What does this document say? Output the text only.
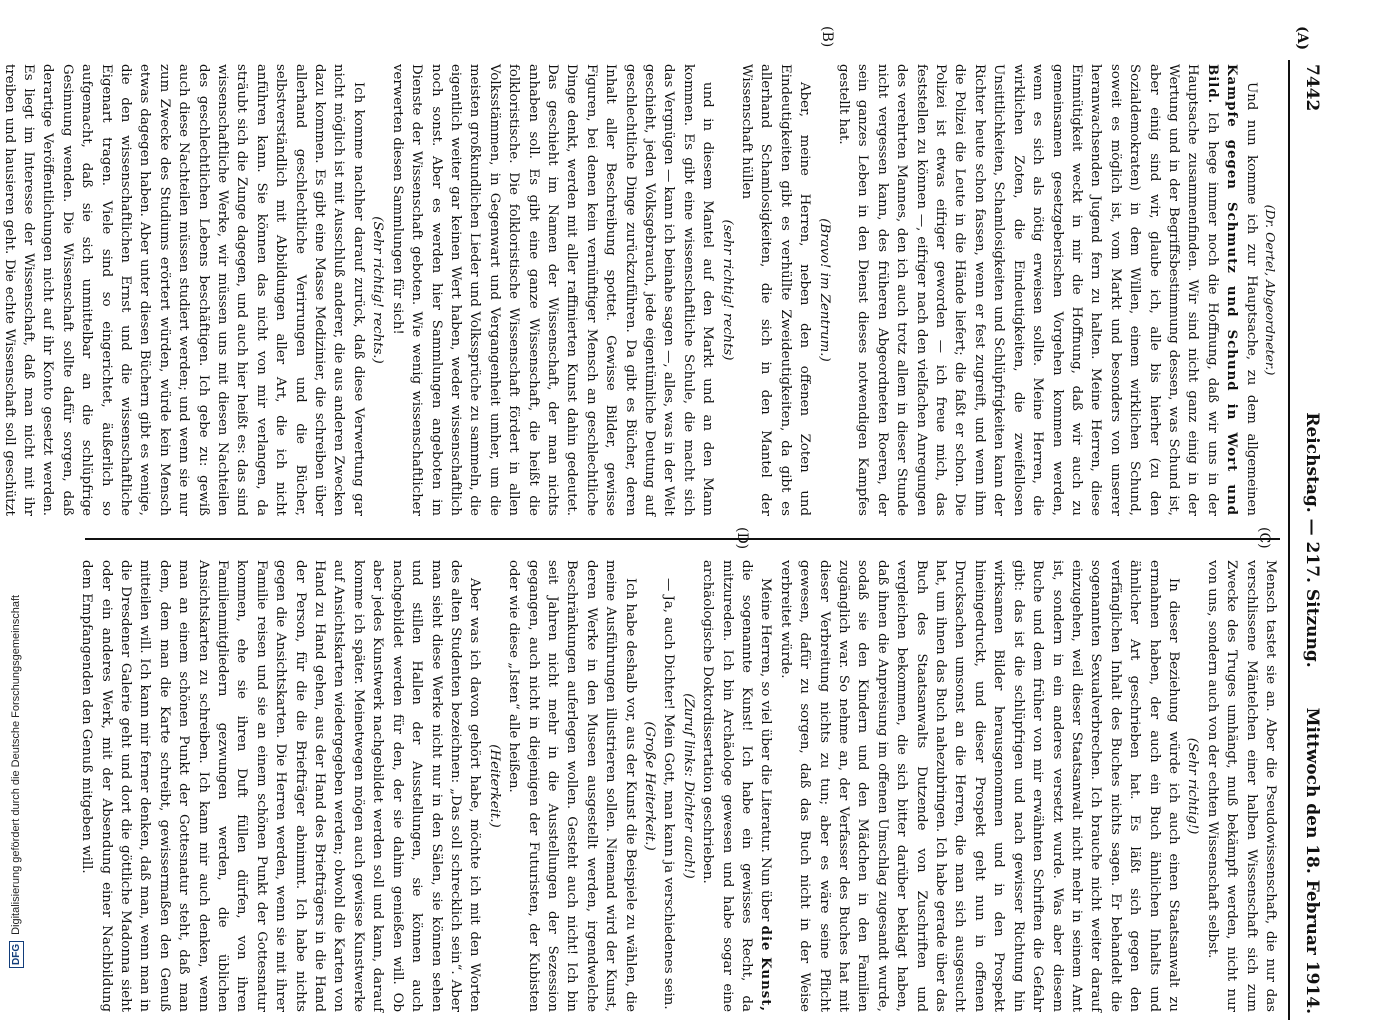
7442
Reichstag. — 217. Sitzung.
Mittwoch den 18. Februar 1914.
(A)
(B)
(C)
(D)

(Dr. Oertel, Abgeordneter.)

Und nun komme ich zur Hauptsache, zu dem allgemeinen Kampfe gegen Schmutz und Schund in Wort und Bild. Ich hege immer noch die Hoffnung, daß wir uns in der Hauptsache zusammenfinden. Wir sind nicht ganz einig in der Wertung und in der Begriffsbestimmung dessen, was Schund ist, aber einig sind wir, glaube ich, alle bis hierher (zu den Sozialdemokraten) in dem Willen, einem wirklichen Schund, soweit es möglich ist, vom Markt und besonders von unserer heranwachsenden Jugend fern zu halten. Meine Herren, diese Einmütigkeit weckt in mir die Hoffnung, daß wir auch zu gemeinsamen gesetzgeberischen Vorgehen kommen werden, wenn es sich als nötig erweisen sollte. Meine Herren, die wirklichen Zoten, die Eindeutigkeiten, die zweifellosen Unsittlichkeiten, Schamlosigkeiten und Schlüpfrigkeiten kann der Richter heute schon fassen, wenn er fest zugreift, und wenn ihm die Polizei die Leute in die Hände liefert; die faßt er schon. Die Polizei ist etwas eifriger geworden — ich freue mich, das feststellen zu können —, eifriger nach den vielfachen Anregungen des verehrten Mannes, den ich auch trotz allem in dieser Stunde nicht vergessen kann, des früheren Abgeordneten Roeren, der sein ganzes Leben in den Dienst dieses notwendigen Kampfes gestellt hat.

(Bravo! im Zentrum.)

Aber, meine Herren, neben den offenen Zoten und Eindeutigkeiten gibt es verhüllte Zweideutigkeiten, da gibt es allerhand Schamlosigkeiten, die sich in den Mantel der Wissenschaft hüllen

(sehr richtig! rechts)

und in diesem Mantel auf den Markt und an den Mann kommen. Es gibt eine wissenschaftliche Schule, die macht sich das Vergnügen — kann ich beinahe sagen —, alles, was in der Welt geschieht, jeden Volksgebrauch, jede eigentümliche Deutung auf geschlechtliche Dinge zurückzuführen. Da gibt es Bücher, deren Inhalt aller Beschreibung spottet. Gewisse Bilder, gewisse Figuren, bei denen kein vernünftiger Mensch an geschlechtliche Dinge denkt, werden mit aller raffinierten Kunst dahin gedeutet. Das geschieht im Namen der Wissenschaft, der man nichts anhaben soll. Es gibt eine ganze Wissenschaft, die heißt die folkloristische. Die folkloristische Wissenschaft fördert in allen Volksstämmen, in Gegenwart und Vergangenheit umher, um die meisten großkundlichen Lieder und Volkssprüche zu sammeln, die eigentlich weiter gar keinen Wert haben, weder wissenschaftlich noch sonst. Aber es werden hier Sammlungen angeboten im Dienste der Wissenschaft geboten. Wie wenig wissenschaftlicher verwerten diesen Sammlungen für sich!

(Sehr richtig! rechts.)

Ich komme nachher darauf zurück, daß diese Verwertung gar nicht möglich ist mit Ausschluß anderer, die aus anderen Zwecken dazu kommen. Es gibt eine Masse Medizinier, die schreiben über allerhand geschlechtliche Verirrungen und die Bücher, selbstverständlich mit Abbildungen aller Art, die ich nicht anführen kann. Sie können das nicht von mir verlangen, da sträubt sich die Zunge dagegen, und auch hier heißt es: das sind wissenschaftliche Werke, wir müssen uns mit diesen Nachteilen des geschlechtlichen Lebens beschäftigen. Ich gebe zu: gewiß auch diese Nachteilen müssen studiert werden; und wenn sie nur zum Zwecke des Studiums erörtert würden, würde kein Mensch etwas dagegen haben. Aber unter diesen Büchern gibt es wenige, die den wissenschaftlichen Ernst und die wissenschaftliche Eigenart tragen. Viele sind so eingerichtet, äußerlich so aufgemacht, daß sie sich unmittelbar an die schlüpfrige Gesinnung wenden. Die Wissenschaft sollte dafür sorgen, daß derartige Veröffentlichungen nicht auf ihr Konto gesetzt werden. Es liegt im Interesse der Wissenschaft, daß man nicht mit ihr treiben und hausieren geht. Die echte Wissenschaft soll geschützt

Mensch tastet sie an. Aber die Pseudowissenschaft, die nur das verschlissene Mäntelchen einer halben Wissenschaft sich zum Zwecke des Truges umhängt, muß bekämpft werden, nicht nur von uns, sondern auch von der echten Wissenschaft selbst.

(Sehr richtig!)

In dieser Beziehung würde ich auch einen Staatsanwalt zu ermahnen haben, der auch ein Buch ähnlichen Inhalts und ähnlicher Art geschrieben hat. Es läßt sich gegen den verfänglichen Inhalt des Buches nichts sagen. Er behandelt die sogenannten Sexualverbrechen. Ich brauche nicht weiter darauf einzugehen, weil dieser Staatsanwalt nicht mehr in seinem Amt ist, sondern in ein anderes versetzt wurde. Was aber diesem Buche und dem früher von mir erwähnten Schriften die Gefahr gibt: das ist die schlüpfrigen und nach gewisser Richtung hin wirksamen Bilder herausgenommen und in den Prospekt hineingedruckt, und dieser Prospekt geht nun in offenen Drucksachen umsonst an die Herren, die man sich ausgesucht hat, um ihnen das Buch nahezubringen. Ich habe gerade über das Buch des Staatsanwalts Dutzende von Zuschriften und vergleichen bekommen, die sich bitter darüber beklagt haben, daß ihnen die Anpreisung im offenen Umschlag zugesandt wurde, sodaß sie den Kindern und den Mädchen in den Familien zugänglich war. So nehme an, der Verfasser des Buches hat mit dieser Verbreitung nichts zu tun; aber es wäre seine Pflicht gewesen, dafür zu sorgen, daß das Buch nicht in der Weise verbreitet würde.

Meine Herren, so viel über die Literatur. Nun über die Kunst, die sogenannte Kunst! Ich habe ein gewisses Recht, da mitzureden. Ich bin Archäologe gewesen und habe sogar eine archäologische Doktordissertation geschrieben.

(Zuruf links: Dichter auch!)

— Ja, auch Dichter! Mein Gott, man kann ja verschiedenes sein.

(Große Heiterkeit.)

Ich habe deshalb vor, aus der Kunst die Beispiele zu wählen, die meine Ausführungen illustrieren sollen. Niemand wird der Kunst, deren Werke in den Museen ausgestellt werden, irgendwelche Beschränkungen auferlegen wollen. Gesteht auch nicht! Ich bin seit Jahren nicht mehr in die Ausstellungen der Sezession gegangen, auch nicht in diejenigen der Futuristen, der Kubisten oder wie diese „Isten“ alle heißen.

(Heiterkeit.)

Aber was ich davon gehört habe, möchte ich mit den Worten des alten Studenten bezeichnen: „Das soll schrecklich sein“. Aber man sieht diese Werke nicht nur in den Sälen, sie können sehen und stillen Hallen der Ausstellungen, sie können auch nachgebildet werden für den, der sie dahim genießen will. Ob aber jedes Kunstwerk nachgebildet werden soll und kann, darauf komme ich später. Meinetwegen mögen auch gewisse Kunstwerke auf Ansichtskarten wiedergegeben werden; obwohl die Karten von Hand zu Hand gehen, aus der Hand des Briefträgers in die Hand der Person, für die die Briefträger abnimmt. Ich habe nichts gegen die Ansichtskarten. Die Herren werden, wenn sie mit ihrer Familie reisen und sie an einem schönen Punkt der Gottesnatur kommen, ehe sie ihren Duft füllen dürfen, von ihren Familienmitgliedern gezwungen werden, die üblichen Ansichtskarten zu schreiben. Ich kann mir auch denken, wenn man an einem schönen Punkt der Gottesnatur steht, daß man dem, dem man die Karte schreibt, gewissermaßen den Genuß mitteilen will. Ich kann mir ferner denken, daß man, wenn man in die Dresdener Galerie geht und dort die göttliche Madonna sieht oder ein anderes Werk, mit der Absendung einer Nachbildung dem Empfangenden den Genuß mitgeben will.

DFG
Digitalisierung gefördert durch die Deutsche Forschungsgemeinschaft
